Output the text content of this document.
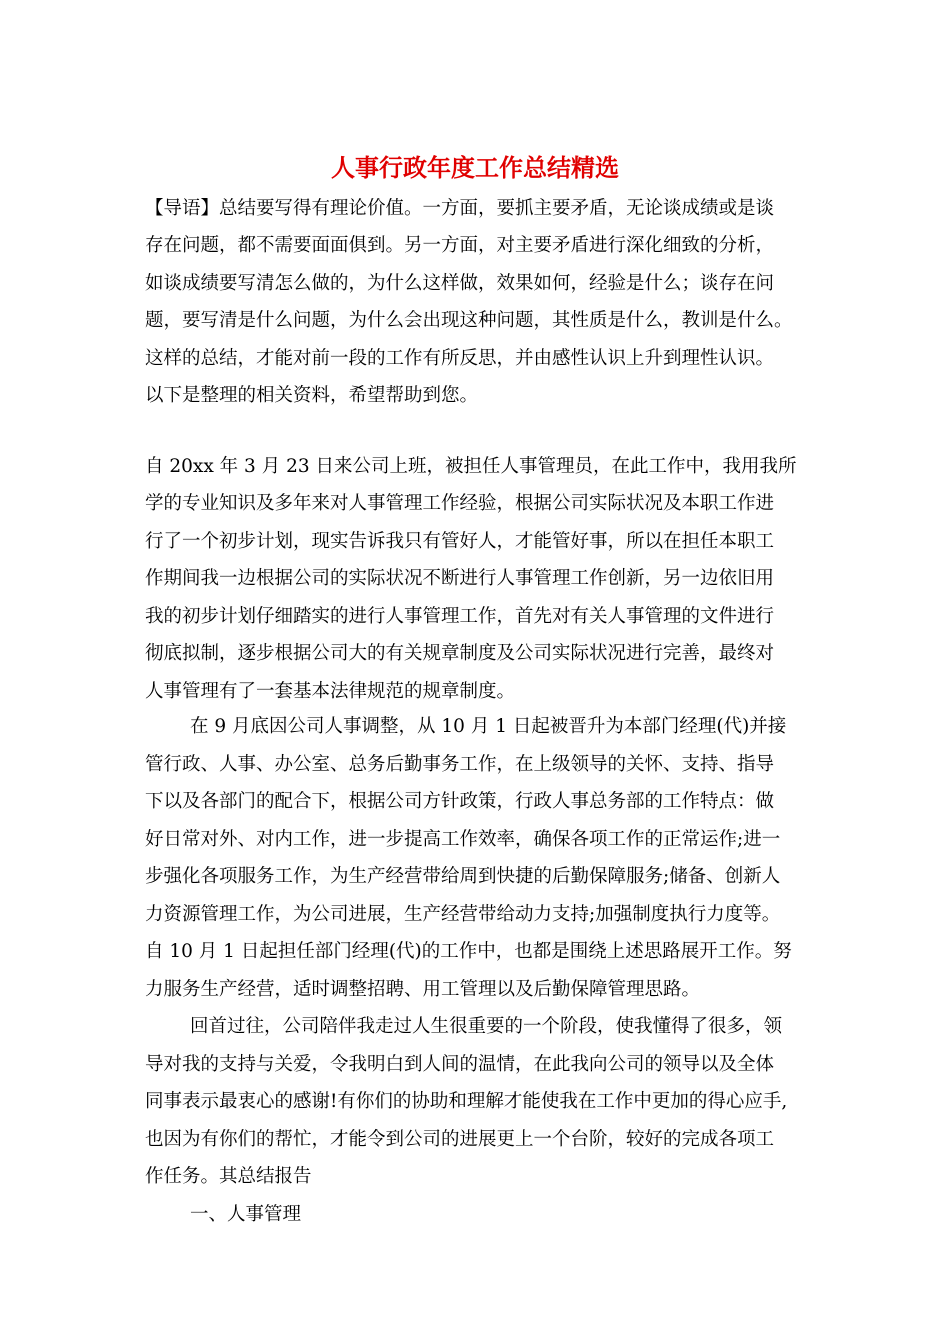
人事行政年度工作总结精选
【导语】总结要写得有理论价值。一方面，要抓主要矛盾，无论谈成绩或是谈
存在问题，都不需要面面俱到。另一方面，对主要矛盾进行深化细致的分析，
如谈成绩要写清怎么做的，为什么这样做，效果如何，经验是什么；谈存在问
题，要写清是什么问题，为什么会出现这种问题，其性质是什么，教训是什么。
这样的总结，才能对前一段的工作有所反思，并由感性认识上升到理性认识。
以下是整理的相关资料，希望帮助到您。
自 20xx 年 3 月 23 日来公司上班，被担任人事管理员，在此工作中，我用我所
学的专业知识及多年来对人事管理工作经验，根据公司实际状况及本职工作进
行了一个初步计划，现实告诉我只有管好人，才能管好事，所以在担任本职工
作期间我一边根据公司的实际状况不断进行人事管理工作创新，另一边依旧用
我的初步计划仔细踏实的进行人事管理工作，首先对有关人事管理的文件进行
彻底拟制，逐步根据公司大的有关规章制度及公司实际状况进行完善，最终对
人事管理有了一套基本法律规范的规章制度。
在 9 月底因公司人事调整，从 10 月 1 日起被晋升为本部门经理(代)并接
管行政、人事、办公室、总务后勤事务工作，在上级领导的关怀、支持、指导
下以及各部门的配合下，根据公司方针政策，行政人事总务部的工作特点：做
好日常对外、对内工作，进一步提高工作效率，确保各项工作的正常运作;进一
步强化各项服务工作，为生产经营带给周到快捷的后勤保障服务;储备、创新人
力资源管理工作，为公司进展，生产经营带给动力支持;加强制度执行力度等。
自 10 月 1 日起担任部门经理(代)的工作中，也都是围绕上述思路展开工作。努
力服务生产经营，适时调整招聘、用工管理以及后勤保障管理思路。
回首过往，公司陪伴我走过人生很重要的一个阶段，使我懂得了很多，领
导对我的支持与关爱，令我明白到人间的温情，在此我向公司的领导以及全体
同事表示最衷心的感谢!有你们的协助和理解才能使我在工作中更加的得心应手,
也因为有你们的帮忙，才能令到公司的进展更上一个台阶，较好的完成各项工
作任务。其总结报告
一、人事管理
